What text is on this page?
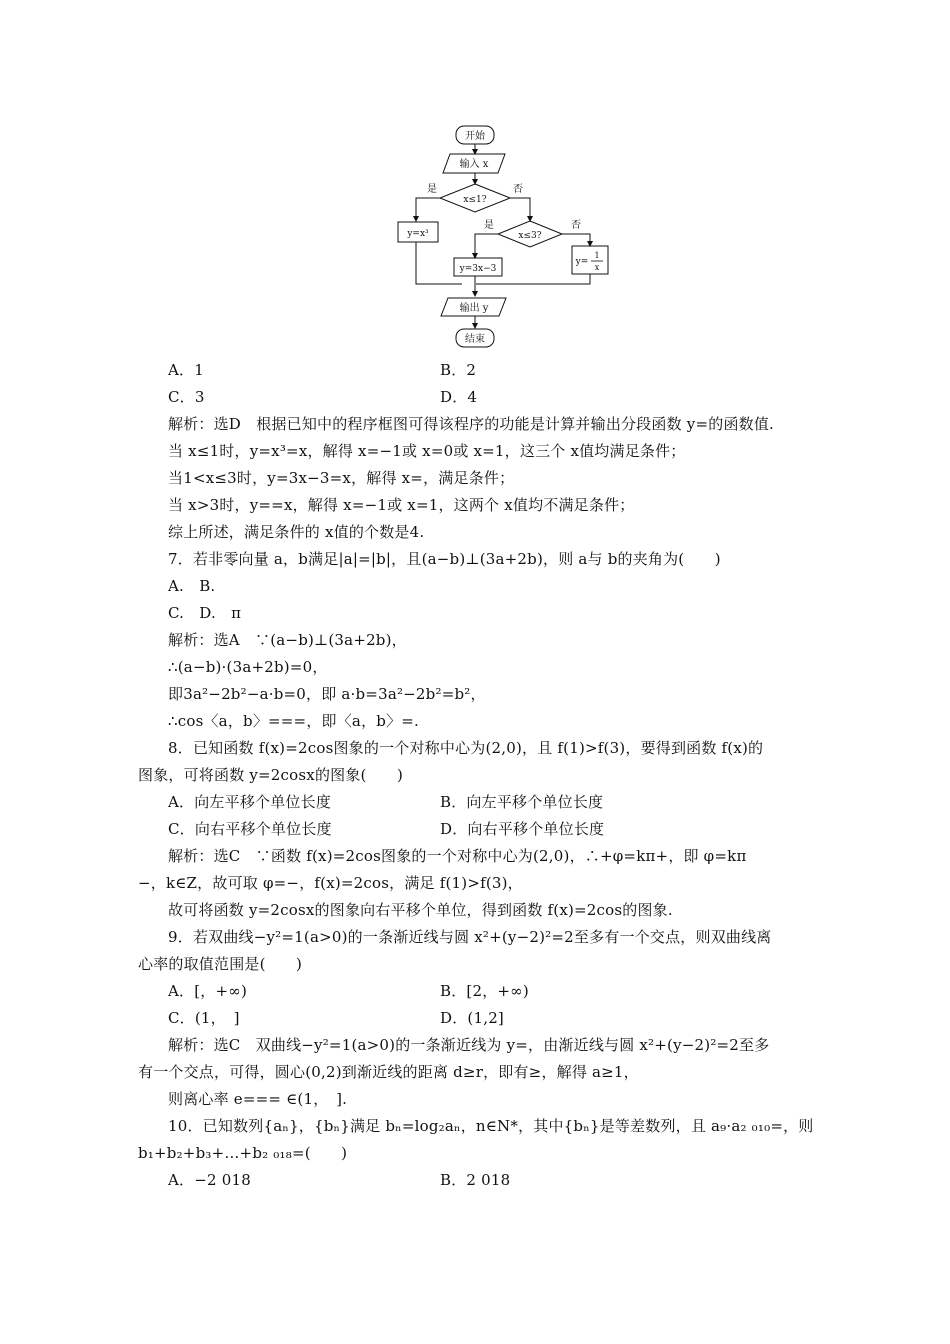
开始
输入 x
x≤1?
是	否
x≤3?
是	否
y=x³
y=3x−3
y=
1
x
输出 y
结束
A．1	B．2
C．3	D．4
解析：选D　根据已知中的程序框图可得该程序的功能是计算并输出分段函数 y=的函数值.
当 x≤1时，y=x³=x，解得 x=−1或 x=0或 x=1，这三个 x值均满足条件；
当1<x≤3时，y=3x−3=x，解得 x=，满足条件；
当 x>3时，y==x，解得 x=−1或 x=1，这两个 x值均不满足条件；
综上所述，满足条件的 x值的个数是4.
7．若非零向量 a，b满足|a|=|b|，且(a−b)⊥(3a+2b)，则 a与 b的夹角为(　　)
A.　B.
C.　D.　π
解析：选A　∵(a−b)⊥(3a+2b)，
∴(a−b)·(3a+2b)=0，
即3a²−2b²−a·b=0，即 a·b=3a²−2b²=b²，
∴cos〈a，b〉===，即〈a，b〉=.
8．已知函数 f(x)=2cos图象的一个对称中心为(2,0)，且 f(1)>f(3)，要得到函数 f(x)的
图象，可将函数 y=2cosx的图象(　　)
A．向左平移个单位长度	B．向左平移个单位长度
C．向右平移个单位长度	D．向右平移个单位长度
解析：选C　∵函数 f(x)=2cos图象的一个对称中心为(2,0)，∴+φ=kπ+，即 φ=kπ
−，k∈Z，故可取 φ=−，f(x)=2cos，满足 f(1)>f(3)，
故可将函数 y=2cosx的图象向右平移个单位，得到函数 f(x)=2cos的图象.
9．若双曲线−y²=1(a>0)的一条渐近线与圆 x²+(y−2)²=2至多有一个交点，则双曲线离
心率的取值范围是(　　)
A．[，+∞)	B．[2，+∞)
C．(1，　]	D．(1,2]
解析：选C　双曲线−y²=1(a>0)的一条渐近线为 y=，由渐近线与圆 x²+(y−2)²=2至多
有一个交点，可得，圆心(0,2)到渐近线的距离 d≥r，即有≥，解得 a≥1，
则离心率 e=== ∈(1，　].
10．已知数列{aₙ}，{bₙ}满足 bₙ=log₂aₙ，n∈N*，其中{bₙ}是等差数列，且 a₉·a₂ ₀₁₀=，则
b₁+b₂+b₃+…+b₂ ₀₁₈=(　　)
A．−2 018	B．2 018
